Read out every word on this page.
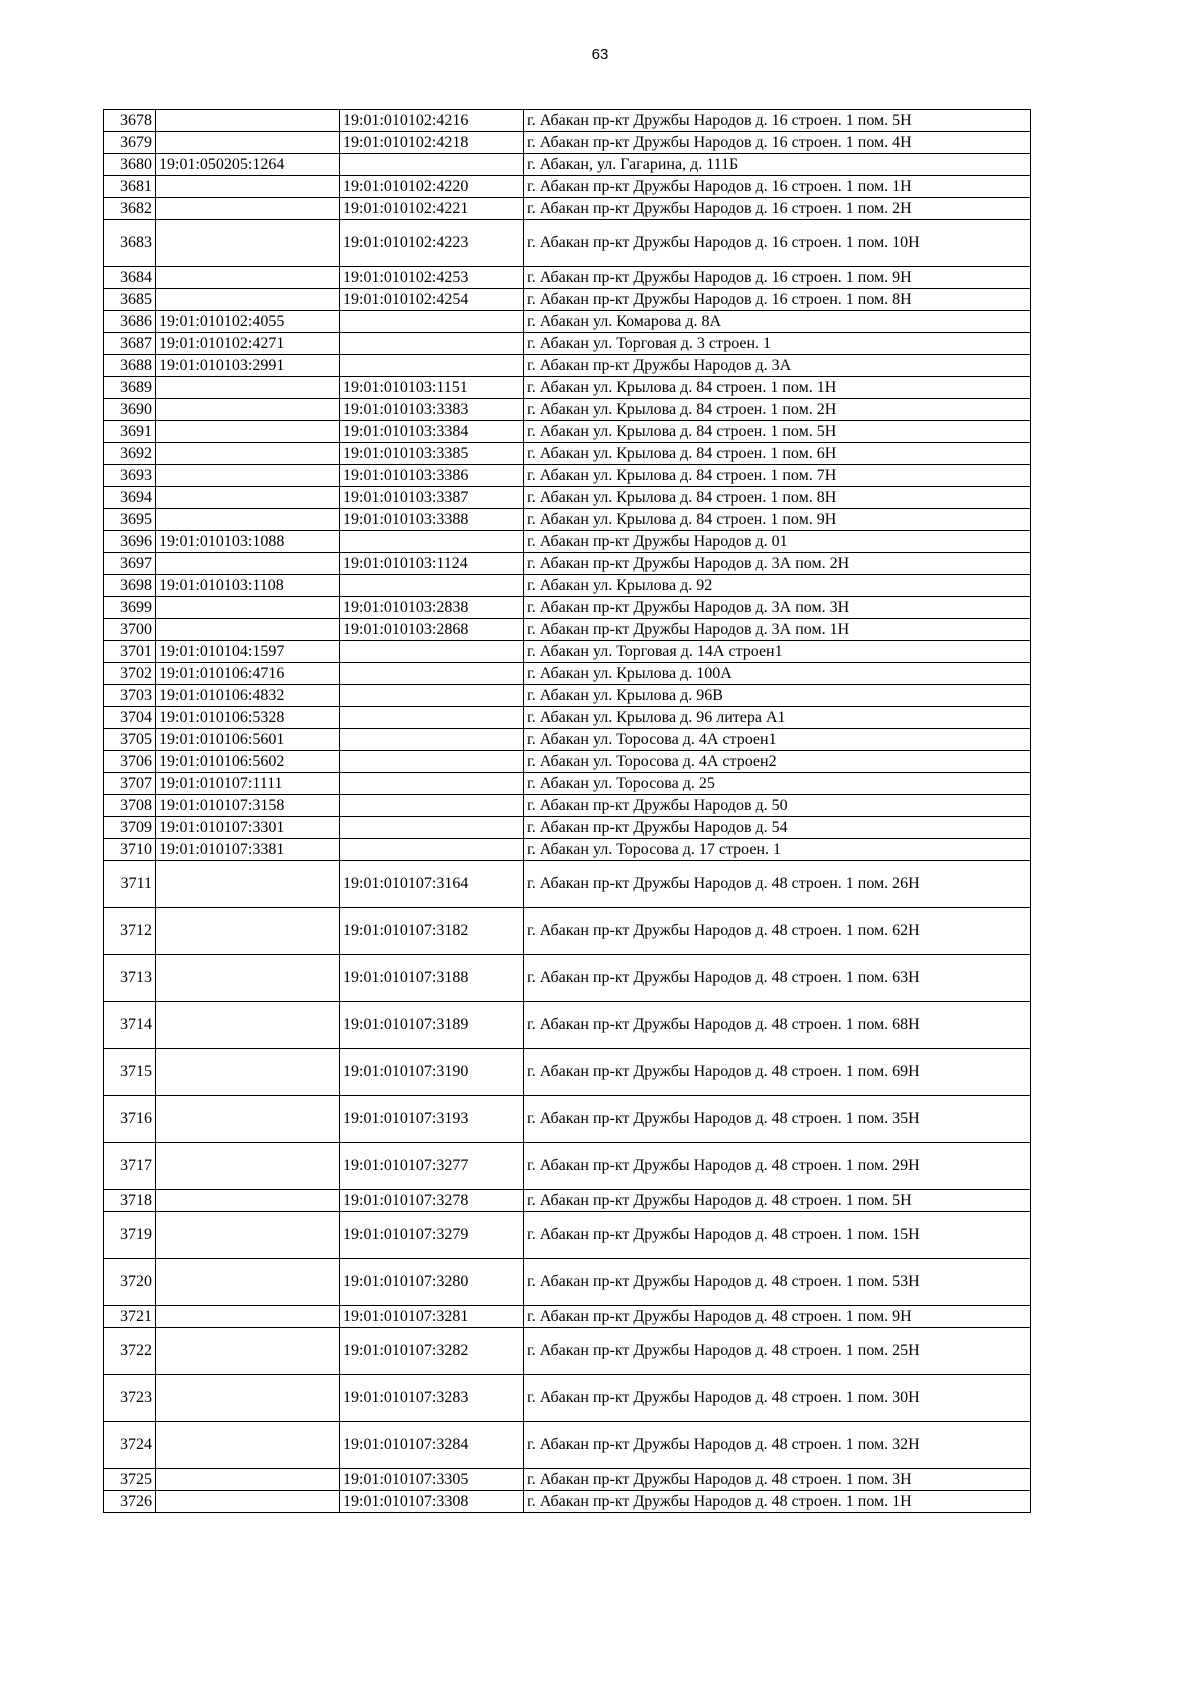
63
3678		19:01:010102:4216	г. Абакан пр-кт Дружбы Народов д. 16 строен. 1 пом. 5Н
3679		19:01:010102:4218	г. Абакан пр-кт Дружбы Народов д. 16 строен. 1 пом. 4Н
3680	19:01:050205:1264		г. Абакан, ул. Гагарина, д. 111Б
3681		19:01:010102:4220	г. Абакан пр-кт Дружбы Народов д. 16 строен. 1 пом. 1Н
3682		19:01:010102:4221	г. Абакан пр-кт Дружбы Народов д. 16 строен. 1 пом. 2Н
3683		19:01:010102:4223	г. Абакан пр-кт Дружбы Народов д. 16 строен. 1 пом. 10Н
3684		19:01:010102:4253	г. Абакан пр-кт Дружбы Народов д. 16 строен. 1 пом. 9Н
3685		19:01:010102:4254	г. Абакан пр-кт Дружбы Народов д. 16 строен. 1 пом. 8Н
3686	19:01:010102:4055		г. Абакан ул. Комарова д. 8А
3687	19:01:010102:4271		г. Абакан ул. Торговая д. 3 строен. 1
3688	19:01:010103:2991		г. Абакан пр-кт Дружбы Народов д. 3А
3689		19:01:010103:1151	г. Абакан ул. Крылова д. 84 строен. 1 пом. 1Н
3690		19:01:010103:3383	г. Абакан ул. Крылова д. 84 строен. 1 пом. 2Н
3691		19:01:010103:3384	г. Абакан ул. Крылова д. 84 строен. 1 пом. 5Н
3692		19:01:010103:3385	г. Абакан ул. Крылова д. 84 строен. 1 пом. 6Н
3693		19:01:010103:3386	г. Абакан ул. Крылова д. 84 строен. 1 пом. 7Н
3694		19:01:010103:3387	г. Абакан ул. Крылова д. 84 строен. 1 пом. 8Н
3695		19:01:010103:3388	г. Абакан ул. Крылова д. 84 строен. 1 пом. 9Н
3696	19:01:010103:1088		г. Абакан пр-кт Дружбы Народов д. 01
3697		19:01:010103:1124	г. Абакан пр-кт Дружбы Народов д. 3А пом. 2Н
3698	19:01:010103:1108		г. Абакан ул. Крылова д. 92
3699		19:01:010103:2838	г. Абакан пр-кт Дружбы Народов д. 3А пом. 3Н
3700		19:01:010103:2868	г. Абакан пр-кт Дружбы Народов д. 3А пом. 1Н
3701	19:01:010104:1597		г. Абакан ул. Торговая д. 14А строен1
3702	19:01:010106:4716		г. Абакан ул. Крылова д. 100А
3703	19:01:010106:4832		г. Абакан ул. Крылова д. 96В
3704	19:01:010106:5328		г. Абакан ул. Крылова д. 96 литера А1
3705	19:01:010106:5601		г. Абакан ул. Торосова д. 4А строен1
3706	19:01:010106:5602		г. Абакан ул. Торосова д. 4А строен2
3707	19:01:010107:1111		г. Абакан ул. Торосова д. 25
3708	19:01:010107:3158		г. Абакан пр-кт Дружбы Народов д. 50
3709	19:01:010107:3301		г. Абакан пр-кт Дружбы Народов д. 54
3710	19:01:010107:3381		г. Абакан ул. Торосова д. 17 строен. 1
3711		19:01:010107:3164	г. Абакан пр-кт Дружбы Народов д. 48 строен. 1 пом. 26Н
3712		19:01:010107:3182	г. Абакан пр-кт Дружбы Народов д. 48 строен. 1 пом. 62Н
3713		19:01:010107:3188	г. Абакан пр-кт Дружбы Народов д. 48 строен. 1 пом. 63Н
3714		19:01:010107:3189	г. Абакан пр-кт Дружбы Народов д. 48 строен. 1 пом. 68Н
3715		19:01:010107:3190	г. Абакан пр-кт Дружбы Народов д. 48 строен. 1 пом. 69Н
3716		19:01:010107:3193	г. Абакан пр-кт Дружбы Народов д. 48 строен. 1 пом. 35Н
3717		19:01:010107:3277	г. Абакан пр-кт Дружбы Народов д. 48 строен. 1 пом. 29Н
3718		19:01:010107:3278	г. Абакан пр-кт Дружбы Народов д. 48 строен. 1 пом. 5Н
3719		19:01:010107:3279	г. Абакан пр-кт Дружбы Народов д. 48 строен. 1 пом. 15Н
3720		19:01:010107:3280	г. Абакан пр-кт Дружбы Народов д. 48 строен. 1 пом. 53Н
3721		19:01:010107:3281	г. Абакан пр-кт Дружбы Народов д. 48 строен. 1 пом. 9Н
3722		19:01:010107:3282	г. Абакан пр-кт Дружбы Народов д. 48 строен. 1 пом. 25Н
3723		19:01:010107:3283	г. Абакан пр-кт Дружбы Народов д. 48 строен. 1 пом. 30Н
3724		19:01:010107:3284	г. Абакан пр-кт Дружбы Народов д. 48 строен. 1 пом. 32Н
3725		19:01:010107:3305	г. Абакан пр-кт Дружбы Народов д. 48 строен. 1 пом. 3Н
3726		19:01:010107:3308	г. Абакан пр-кт Дружбы Народов д. 48 строен. 1 пом. 1Н
